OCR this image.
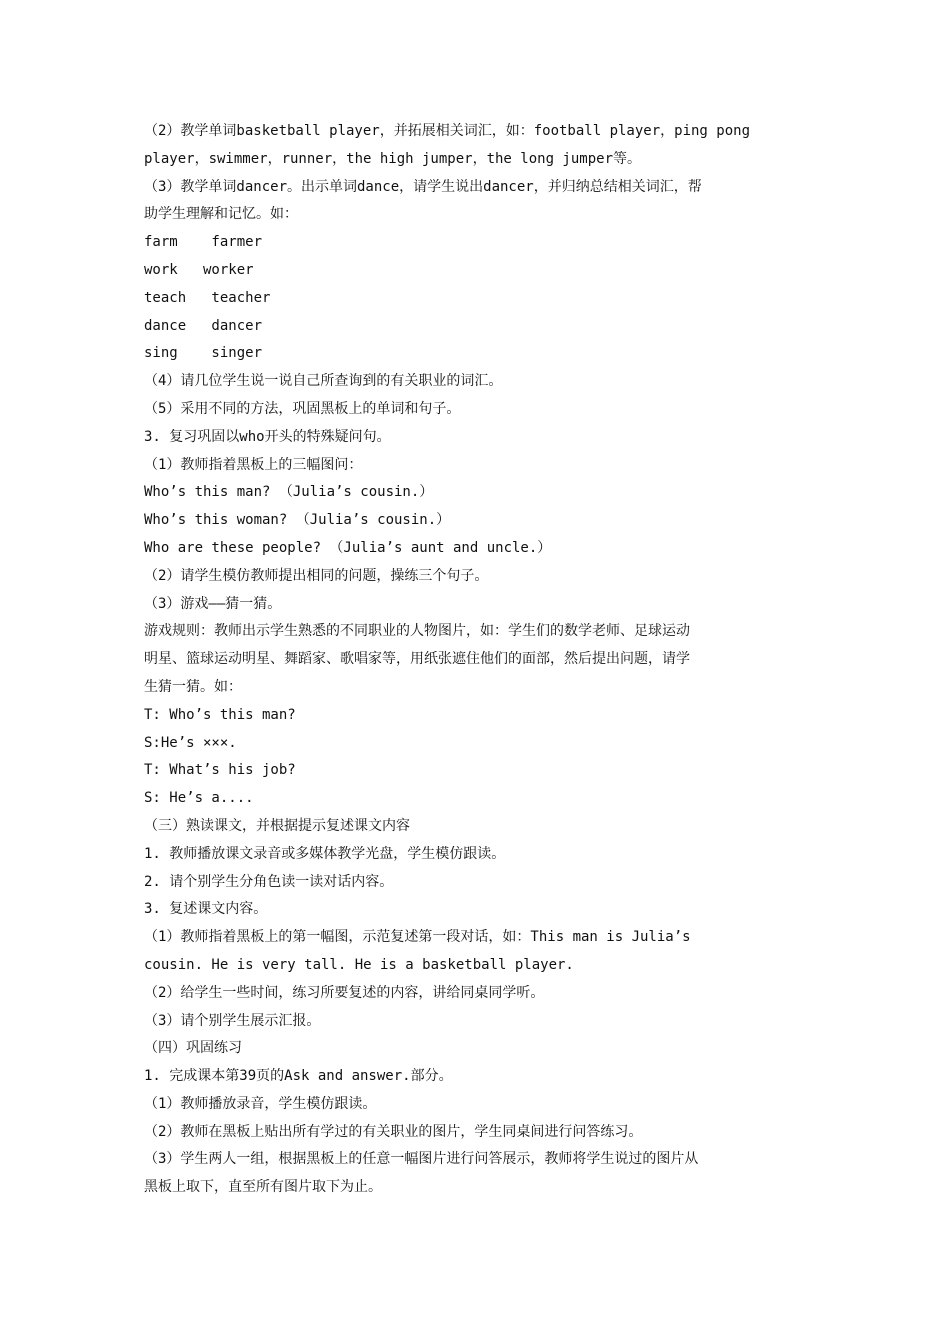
（2）教学单词basketball player，并拓展相关词汇，如：football player，ping pong
player，swimmer，runner，the high jumper，the long jumper等。
（3）教学单词dancer。出示单词dance，请学生说出dancer，并归纳总结相关词汇，帮
助学生理解和记忆。如：
farm    farmer
work   worker
teach   teacher
dance   dancer
sing    singer
（4）请几位学生说一说自己所查询到的有关职业的词汇。
（5）采用不同的方法，巩固黑板上的单词和句子。
3. 复习巩固以who开头的特殊疑问句。
（1）教师指着黑板上的三幅图问：
Who’s this man? （Julia’s cousin.）
Who’s this woman? （Julia’s cousin.）
Who are these people? （Julia’s aunt and uncle.）
（2）请学生模仿教师提出相同的问题，操练三个句子。
（3）游戏——猜一猜。
游戏规则：教师出示学生熟悉的不同职业的人物图片，如：学生们的数学老师、足球运动
明星、篮球运动明星、舞蹈家、歌唱家等，用纸张遮住他们的面部，然后提出问题，请学
生猜一猜。如：
T: Who’s this man?
S:He’s ×××.
T: What’s his job?
S: He’s a....
（三）熟读课文，并根据提示复述课文内容
1. 教师播放课文录音或多媒体教学光盘，学生模仿跟读。
2. 请个别学生分角色读一读对话内容。
3. 复述课文内容。
（1）教师指着黑板上的第一幅图，示范复述第一段对话，如：This man is Julia’s
cousin. He is very tall. He is a basketball player.
（2）给学生一些时间，练习所要复述的内容，讲给同桌同学听。
（3）请个别学生展示汇报。
（四）巩固练习
1. 完成课本第39页的Ask and answer.部分。
（1）教师播放录音，学生模仿跟读。
（2）教师在黑板上贴出所有学过的有关职业的图片，学生同桌间进行问答练习。
（3）学生两人一组，根据黑板上的任意一幅图片进行问答展示，教师将学生说过的图片从
黑板上取下，直至所有图片取下为止。
